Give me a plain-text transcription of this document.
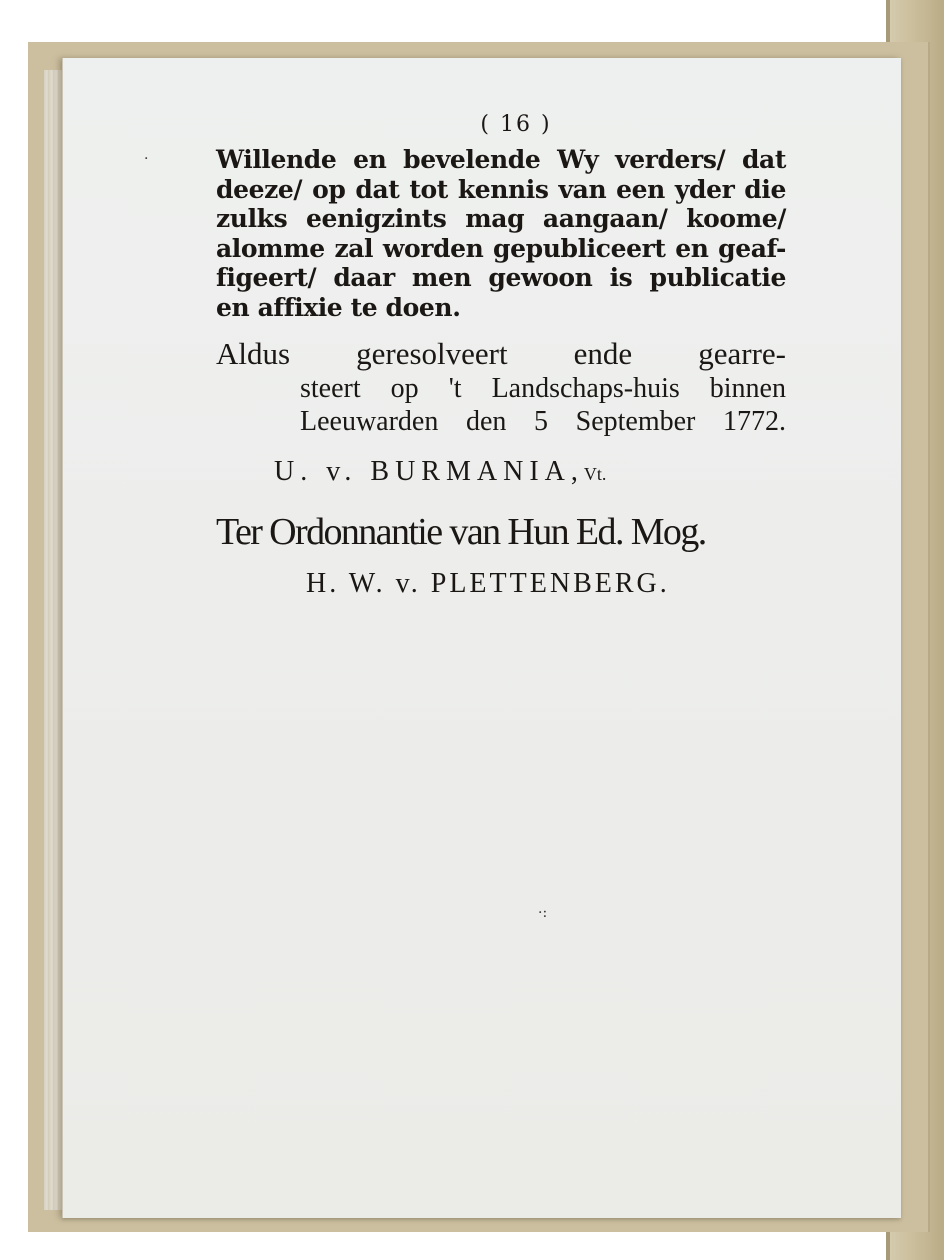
·
·:
( 16 )
Willende en bevelende Wy verders/ dat
deeze/ op dat tot kennis van een yder die
zulks eenigzints mag aangaan/ koome/
alomme zal worden gepubliceert en geaf-
figeert/ daar men gewoon is publicatie
en affixie te doen.
Aldus geresolveert ende gearre-
steert op 't Landschaps-huis binnen
Leeuwarden den 5 September 1772.
U. v. BURMANIA,Vt.
Ter Ordonnantie van Hun Ed. Mog.
H. W. v. PLETTENBERG.
